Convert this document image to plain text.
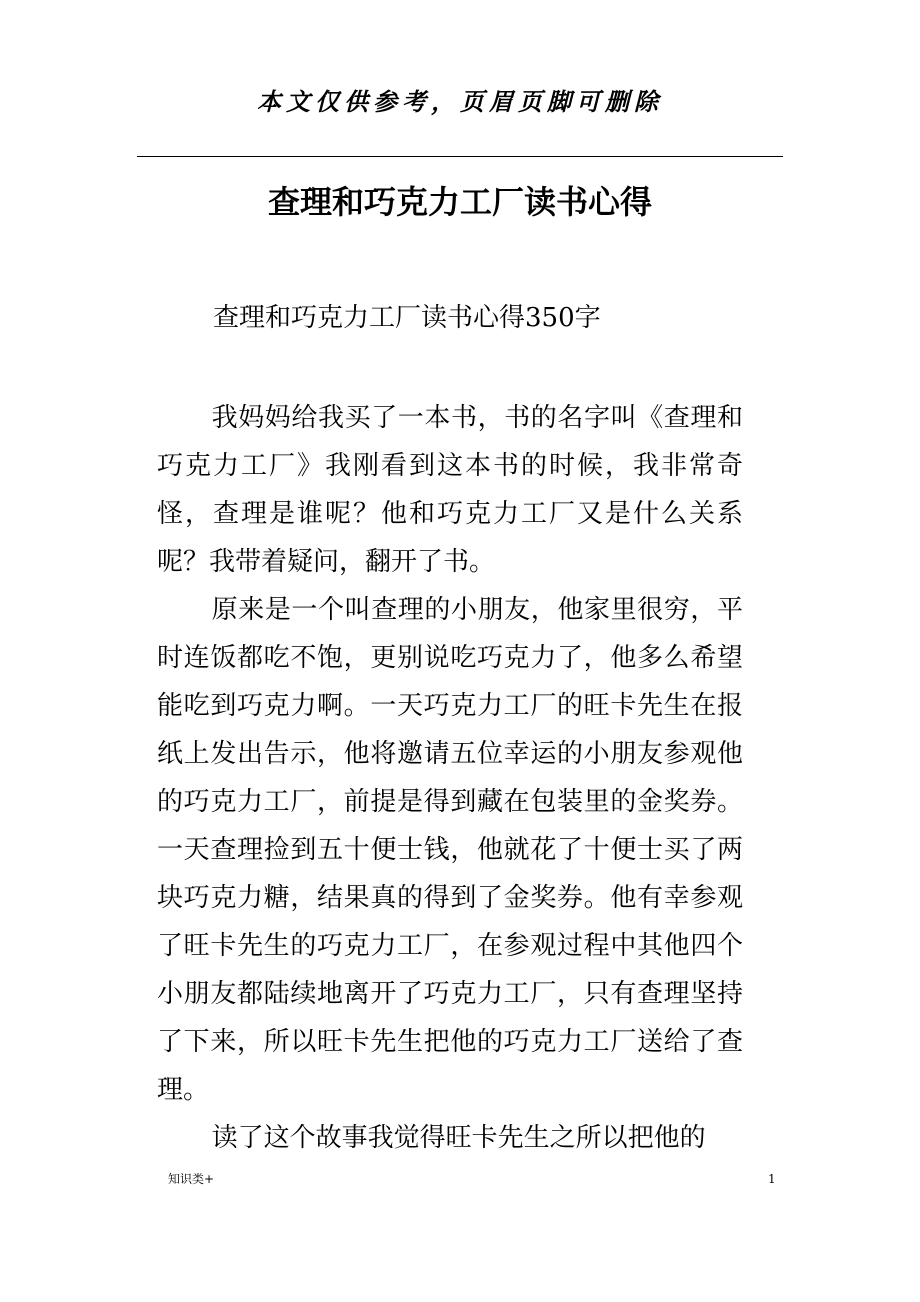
本文仅供参考，页眉页脚可删除
查理和巧克力工厂读书心得
查理和巧克力工厂读书心得350字

我妈妈给我买了一本书，书的名字叫《查理和巧克力工厂》我刚看到这本书的时候，我非常奇怪，查理是谁呢？他和巧克力工厂又是什么关系呢？我带着疑问，翻开了书。

原来是一个叫查理的小朋友，他家里很穷，平时连饭都吃不饱，更别说吃巧克力了，他多么希望能吃到巧克力啊。一天巧克力工厂的旺卡先生在报纸上发出告示，他将邀请五位幸运的小朋友参观他的巧克力工厂，前提是得到藏在包装里的金奖券。一天查理捡到五十便士钱，他就花了十便士买了两块巧克力糖，结果真的得到了金奖券。他有幸参观了旺卡先生的巧克力工厂，在参观过程中其他四个小朋友都陆续地离开了巧克力工厂，只有查理坚持了下来，所以旺卡先生把他的巧克力工厂送给了查理。

读了这个故事我觉得旺卡先生之所以把他的

知识类+	1
